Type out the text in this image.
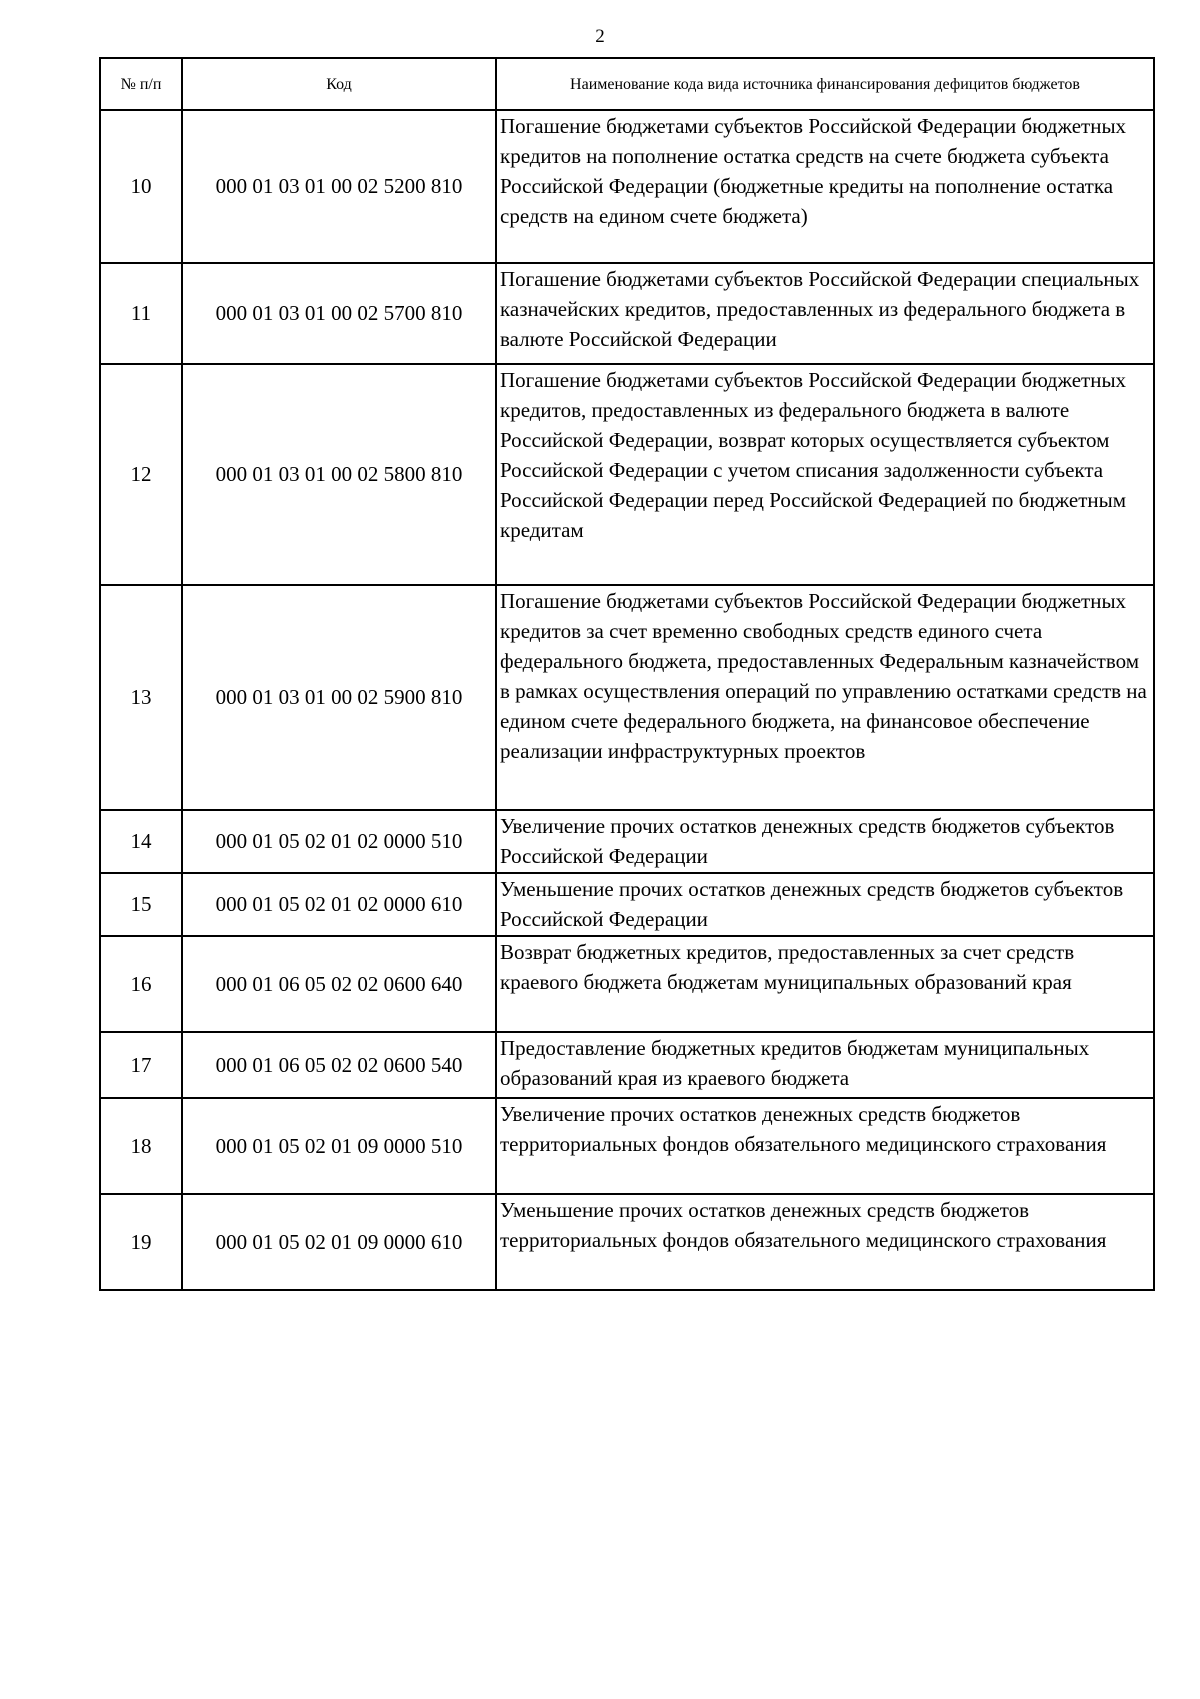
2
№ п/п	Код	Наименование кода вида источника финансирования дефицитов бюджетов
10	000 01 03 01 00 02 5200 810	Погашение бюджетами субъектов Российской Федерации бюджетных кредитов на пополнение остатка средств на счете бюджета субъекта Российской Федерации (бюджетные кредиты на пополнение остатка средств на едином счете бюджета)

11	000 01 03 01 00 02 5700 810	Погашение бюджетами субъектов Российской Федерации специальных казначейских кредитов, предоставленных из федерального бюджета в валюте Российской Федерации

12	000 01 03 01 00 02 5800 810	Погашение бюджетами субъектов Российской Федерации бюджетных кредитов, предоставленных из федерального бюджета в валюте Российской Федерации, возврат которых осуществляется субъектом Российской Федерации с учетом списания задолженности субъекта Российской Федерации перед Российской Федерацией по бюджетным кредитам

13	000 01 03 01 00 02 5900 810	Погашение бюджетами субъектов Российской Федерации бюджетных кредитов за счет временно свободных средств единого счета федерального бюджета, предоставленных Федеральным казначейством в рамках осуществления операций по управлению остатками средств на едином счете федерального бюджета, на финансовое обеспечение реализации инфраструктурных проектов

14	000 01 05 02 01 02 0000 510	Увеличение прочих остатков денежных средств бюджетов субъектов Российской Федерации

15	000 01 05 02 01 02 0000 610	Уменьшение прочих остатков денежных средств бюджетов субъектов Российской Федерации

16	000 01 06 05 02 02 0600 640	Возврат бюджетных кредитов, предоставленных за счет средств краевого бюджета бюджетам муниципальных образований края

17	000 01 06 05 02 02 0600 540	Предоставление бюджетных кредитов бюджетам муниципальных образований края из краевого бюджета

18	000 01 05 02 01 09 0000 510	Увеличение прочих остатков денежных средств бюджетов территориальных фондов обязательного медицинского страхования

19	000 01 05 02 01 09 0000 610	Уменьшение прочих остатков денежных средств бюджетов территориальных фондов обязательного медицинского страхования
